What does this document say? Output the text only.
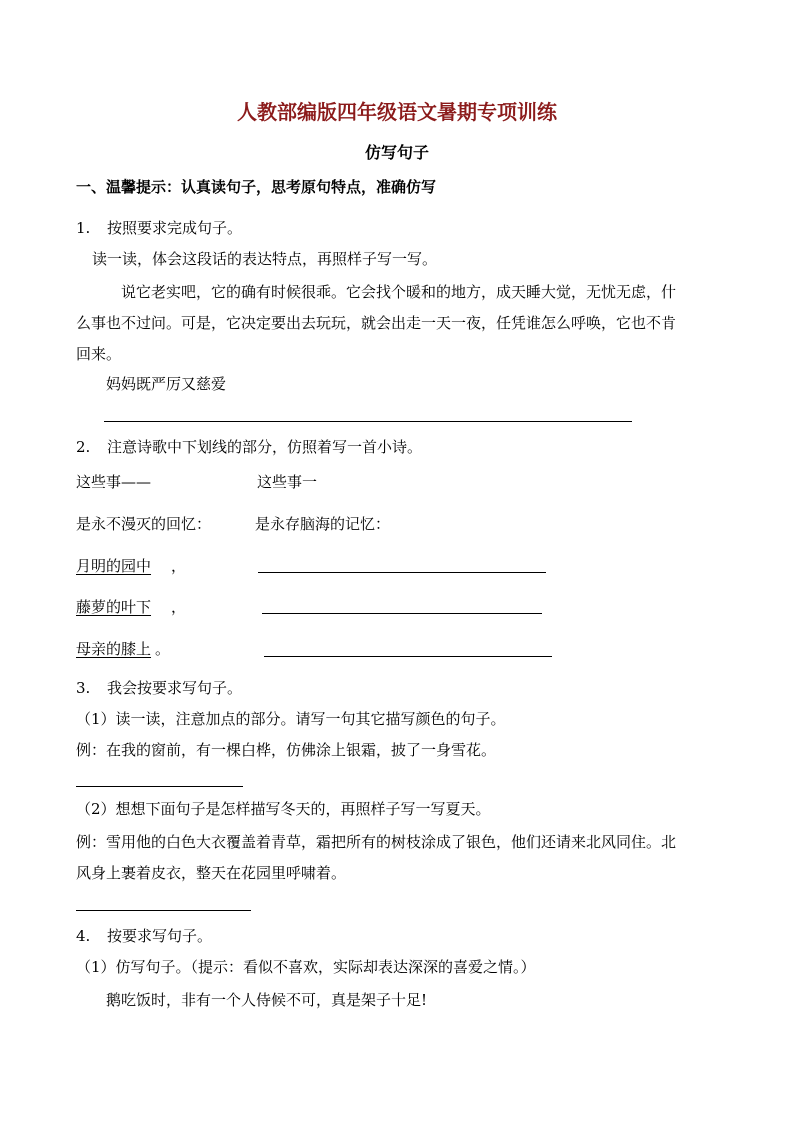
人教部编版四年级语文暑期专项训练
仿写句子
一、温馨提示：认真读句子，思考原句特点，准确仿写
1. 按照要求完成句子。
读一读，体会这段话的表达特点，再照样子写一写。
说它老实吧，它的确有时候很乖。它会找个暖和的地方，成天睡大觉，无忧无虑，什
么事也不过问。可是，它决定要出去玩玩，就会出走一天一夜，任凭谁怎么呼唤，它也不肯
回来。
妈妈既严厉又慈爱
2. 注意诗歌中下划线的部分，仿照着写一首小诗。
这些事——	这些事一
是永不漫灭的回忆：	是永存脑海的记忆：
月明的园中 ，
藤萝的叶下 ，
母亲的膝上 。
3. 我会按要求写句子。
（1）读一读，注意加点的部分。请写一句其它描写颜色的句子。
例：在我的窗前，有一棵白桦，仿佛涂上银霜，披了一身雪花。
（2）想想下面句子是怎样描写冬天的，再照样子写一写夏天。
例：雪用他的白色大衣覆盖着青草，霜把所有的树枝涂成了银色，他们还请来北风同住。北
风身上裹着皮衣，整天在花园里呼啸着。
4. 按要求写句子。
（1）仿写句子。（提示：看似不喜欢，实际却表达深深的喜爱之情。）
鹅吃饭时，非有一个人侍候不可，真是架子十足!
